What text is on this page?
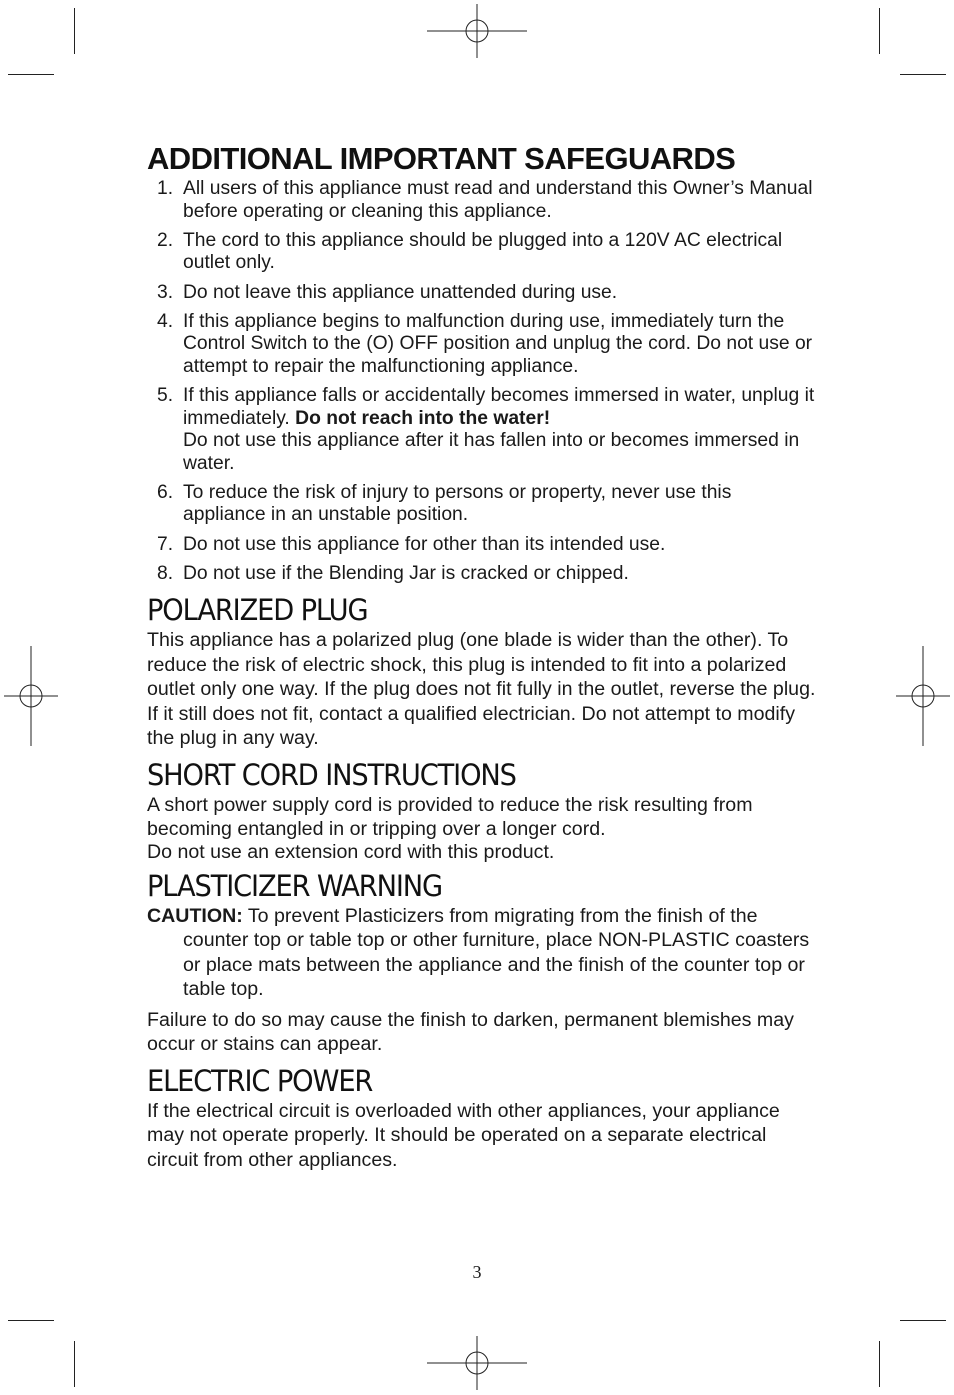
ADDITIONAL IMPORTANT SAFEGUARDS
1. All users of this appliance must read and understand this Owner’s Manual before operating or cleaning this appliance.
2. The cord to this appliance should be plugged into a 120V AC electrical outlet only.
3. Do not leave this appliance unattended during use.
4. If this appliance begins to malfunction during use, immediately turn the Control Switch to the (O) OFF position and unplug the cord. Do not use or attempt to repair the malfunctioning appliance.
5. If this appliance falls or accidentally becomes immersed in water, unplug it immediately. Do not reach into the water!
Do not use this appliance after it has fallen into or becomes immersed in water.
6. To reduce the risk of injury to persons or property, never use this appliance in an unstable position.
7. Do not use this appliance for other than its intended use.
8. Do not use if the Blending Jar is cracked or chipped.
POLARIZED PLUG

This appliance has a polarized plug (one blade is wider than the other). To reduce the risk of electric shock, this plug is intended to fit into a polarized outlet only one way. If the plug does not fit fully in the outlet, reverse the plug. If it still does not fit, contact a qualified electrician. Do not attempt to modify the plug in any way.

SHORT CORD INSTRUCTIONS

A short power supply cord is provided to reduce the risk resulting from becoming entangled in or tripping over a longer cord.

Do not use an extension cord with this product.

PLASTICIZER WARNING

CAUTION: To prevent Plasticizers from migrating from the finish of the counter top or table top or other furniture, place NON-PLASTIC coasters or place mats between the appliance and the finish of the counter top or table top.

Failure to do so may cause the finish to darken, permanent blemishes may occur or stains can appear.

ELECTRIC POWER

If the electrical circuit is overloaded with other appliances, your appliance may not operate properly. It should be operated on a separate electrical circuit from other appliances.

3
